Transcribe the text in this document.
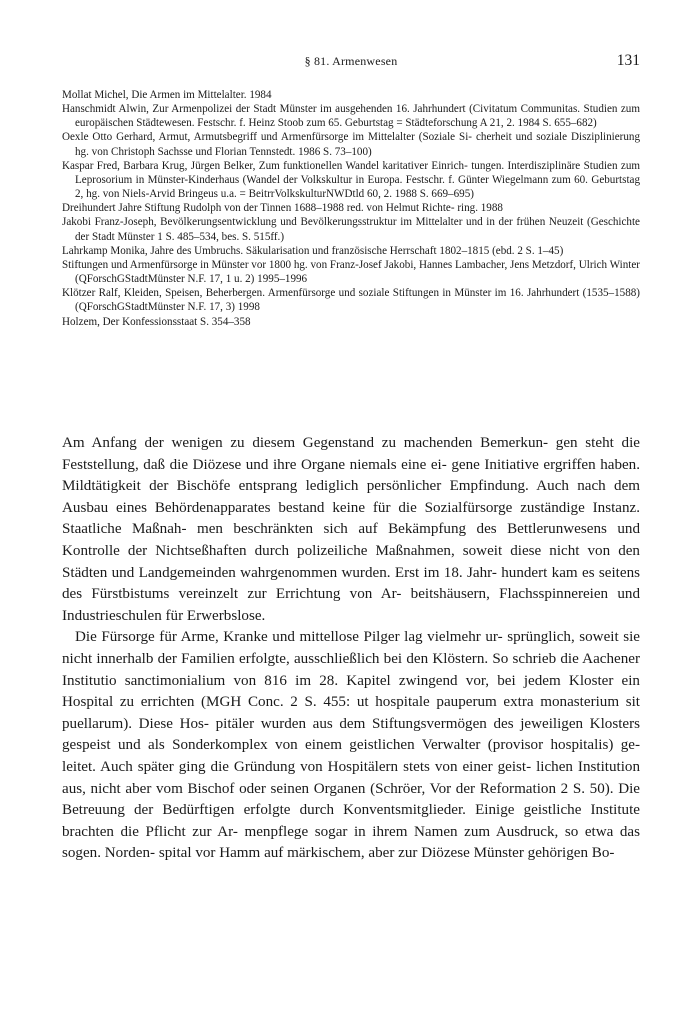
§ 81. Armenwesen	131

Mollat Michel, Die Armen im Mittelalter. 1984

Hanschmidt Alwin, Zur Armenpolizei der Stadt Münster im ausgehenden 16. Jahrhundert (Civitatum Communitas. Studien zum europäischen Städtewesen. Festschr. f. Heinz Stoob zum 65. Geburtstag = Städteforschung A 21, 2. 1984 S. 655–682)

Oexle Otto Gerhard, Armut, Armutsbegriff und Armenfürsorge im Mittelalter (Soziale Si- cherheit und soziale Disziplinierung hg. von Christoph Sachsse und Florian Tennstedt. 1986 S. 73–100)

Kaspar Fred, Barbara Krug, Jürgen Belker, Zum funktionellen Wandel karitativer Einrich- tungen. Interdisziplinäre Studien zum Leprosorium in Münster-Kinderhaus (Wandel der Volkskultur in Europa. Festschr. f. Günter Wiegelmann zum 60. Geburtstag 2, hg. von Niels-Arvid Bringeus u.a. = BeitrrVolkskulturNWDtld 60, 2. 1988 S. 669–695)

Dreihundert Jahre Stiftung Rudolph von der Tinnen 1688–1988 red. von Helmut Richte- ring. 1988

Jakobi Franz-Joseph, Bevölkerungsentwicklung und Bevölkerungsstruktur im Mittelalter und in der frühen Neuzeit (Geschichte der Stadt Münster 1 S. 485–534, bes. S. 515ff.)

Lahrkamp Monika, Jahre des Umbruchs. Säkularisation und französische Herrschaft 1802–1815 (ebd. 2 S. 1–45)

Stiftungen und Armenfürsorge in Münster vor 1800 hg. von Franz-Josef Jakobi, Hannes Lambacher, Jens Metzdorf, Ulrich Winter (QForschGStadtMünster N.F. 17, 1 u. 2) 1995–1996

Klötzer Ralf, Kleiden, Speisen, Beherbergen. Armenfürsorge und soziale Stiftungen in Münster im 16. Jahrhundert (1535–1588) (QForschGStadtMünster N.F. 17, 3) 1998

Holzem, Der Konfessionsstaat S. 354–358

Am Anfang der wenigen zu diesem Gegenstand zu machenden Bemerkun- gen steht die Feststellung, daß die Diözese und ihre Organe niemals eine ei- gene Initiative ergriffen haben. Mildtätigkeit der Bischöfe entsprang lediglich persönlicher Empfindung. Auch nach dem Ausbau eines Behördenapparates bestand keine für die Sozialfürsorge zuständige Instanz. Staatliche Maßnah- men beschränkten sich auf Bekämpfung des Bettlerunwesens und Kontrolle der Nichtseßhaften durch polizeiliche Maßnahmen, soweit diese nicht von den Städten und Landgemeinden wahrgenommen wurden. Erst im 18. Jahr- hundert kam es seitens des Fürstbistums vereinzelt zur Errichtung von Ar- beitshäusern, Flachsspinnereien und Industrieschulen für Erwerbslose.

Die Fürsorge für Arme, Kranke und mittellose Pilger lag vielmehr ur- sprünglich, soweit sie nicht innerhalb der Familien erfolgte, ausschließlich bei den Klöstern. So schrieb die Aachener Institutio sanctimonialium von 816 im 28. Kapitel zwingend vor, bei jedem Kloster ein Hospital zu errichten (MGH Conc. 2 S. 455: ut hospitale pauperum extra monasterium sit puellarum). Diese Hos- pitäler wurden aus dem Stiftungsvermögen des jeweiligen Klosters gespeist und als Sonderkomplex von einem geistlichen Verwalter (provisor hospitalis) ge- leitet. Auch später ging die Gründung von Hospitälern stets von einer geist- lichen Institution aus, nicht aber vom Bischof oder seinen Organen (Schröer, Vor der Reformation 2 S. 50). Die Betreuung der Bedürftigen erfolgte durch Konventsmitglieder. Einige geistliche Institute brachten die Pflicht zur Ar- menpflege sogar in ihrem Namen zum Ausdruck, so etwa das sogen. Norden- spital vor Hamm auf märkischem, aber zur Diözese Münster gehörigen Bo-
